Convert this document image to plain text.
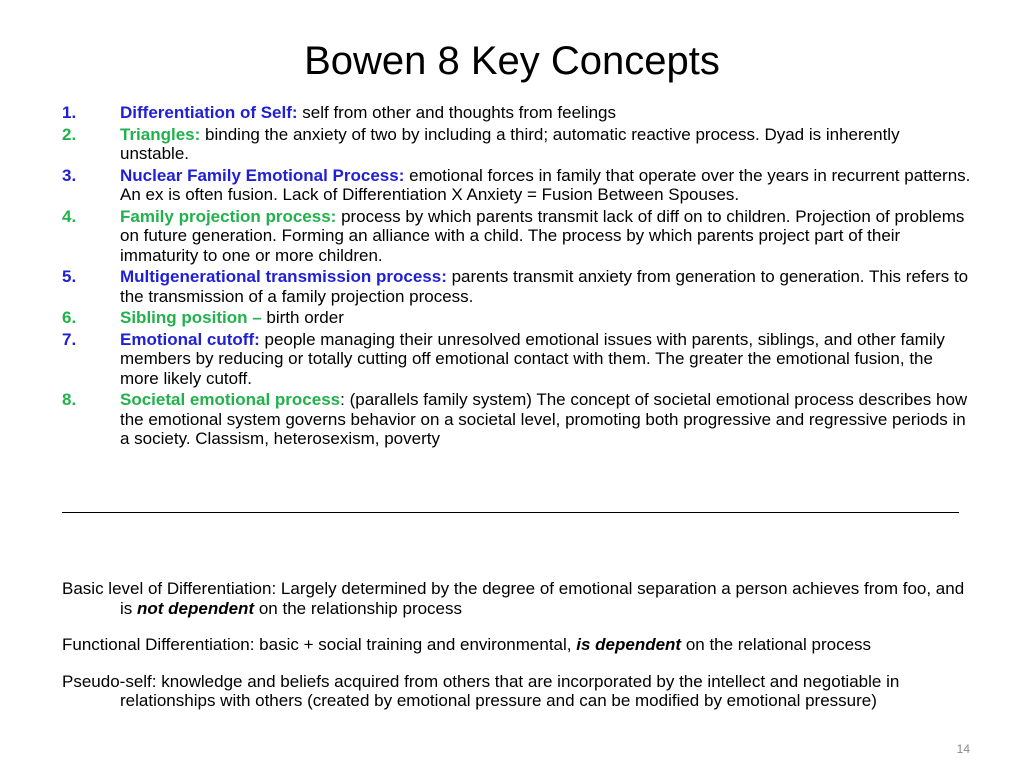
Bowen 8 Key Concepts
1.	Differentiation of Self: self from other and thoughts from feelings
2.	Triangles: binding the anxiety of two by including a third; automatic reactive process. Dyad is inherently unstable.
3.	Nuclear Family Emotional Process: emotional forces in family that operate over the years in recurrent patterns. An ex is often fusion. Lack of Differentiation X Anxiety = Fusion Between Spouses.
4.	Family projection process: process by which parents transmit lack of diff on to children. Projection of problems on future generation. Forming an alliance with a child. The process by which parents project part of their immaturity to one or more children.
5.	Multigenerational transmission process: parents transmit anxiety from generation to generation. This refers to the transmission of a family projection process.
6.	Sibling position – birth order
7.	Emotional cutoff: people managing their unresolved emotional issues with parents, siblings, and other family members by reducing or totally cutting off emotional contact with them. The greater the emotional fusion, the more likely cutoff.
8.	Societal emotional process: (parallels family system) The concept of societal emotional process describes how the emotional system governs behavior on a societal level, promoting both progressive and regressive periods in a society. Classism, heterosexism, poverty

Basic level of Differentiation: Largely determined by the degree of emotional separation a person achieves from foo, and is not dependent on the relationship process

Functional Differentiation: basic + social training and environmental, is dependent on the relational process

Pseudo-self: knowledge and beliefs acquired from others that are incorporated by the intellect and negotiable in relationships with others (created by emotional pressure and can be modified by emotional pressure)

14
